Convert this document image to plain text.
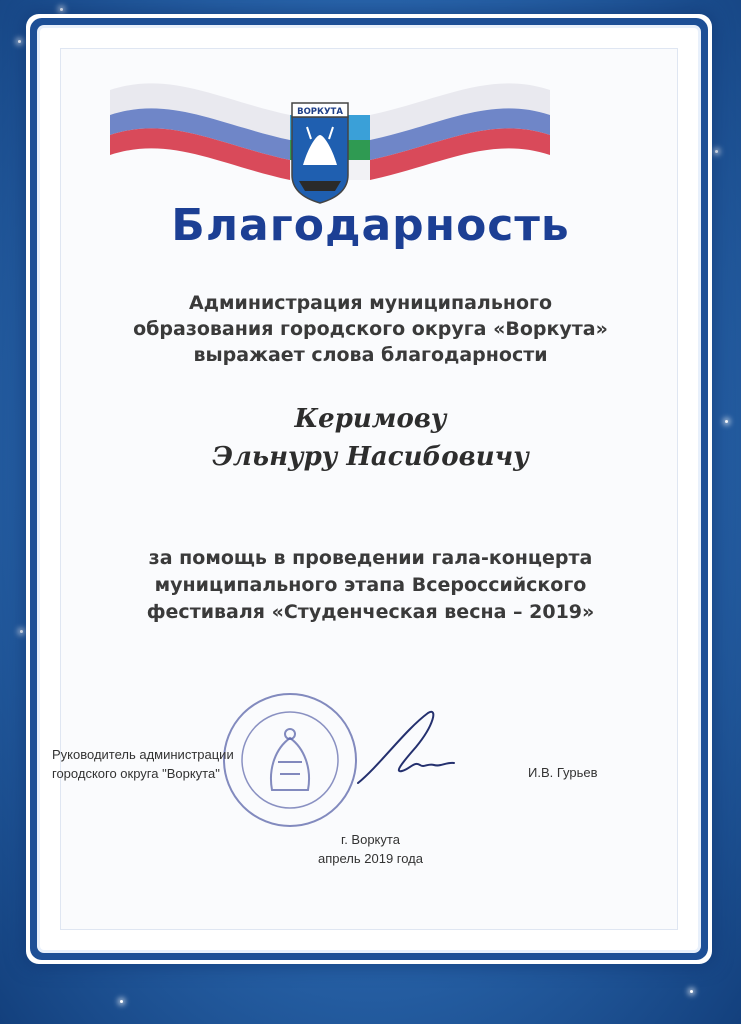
ВОРКУТА
Благодарность
Администрация муниципального
образования городского округа «Воркута»
выражает слова благодарности
Керимову
Эльнуру Насибовичу
за помощь в проведении гала-концерта
муниципального этапа Всероссийского
фестиваля «Студенческая весна – 2019»
Руководитель администрации
городского округа "Воркута"	И.В. Гурьев
г. Воркута
апрель 2019 года
